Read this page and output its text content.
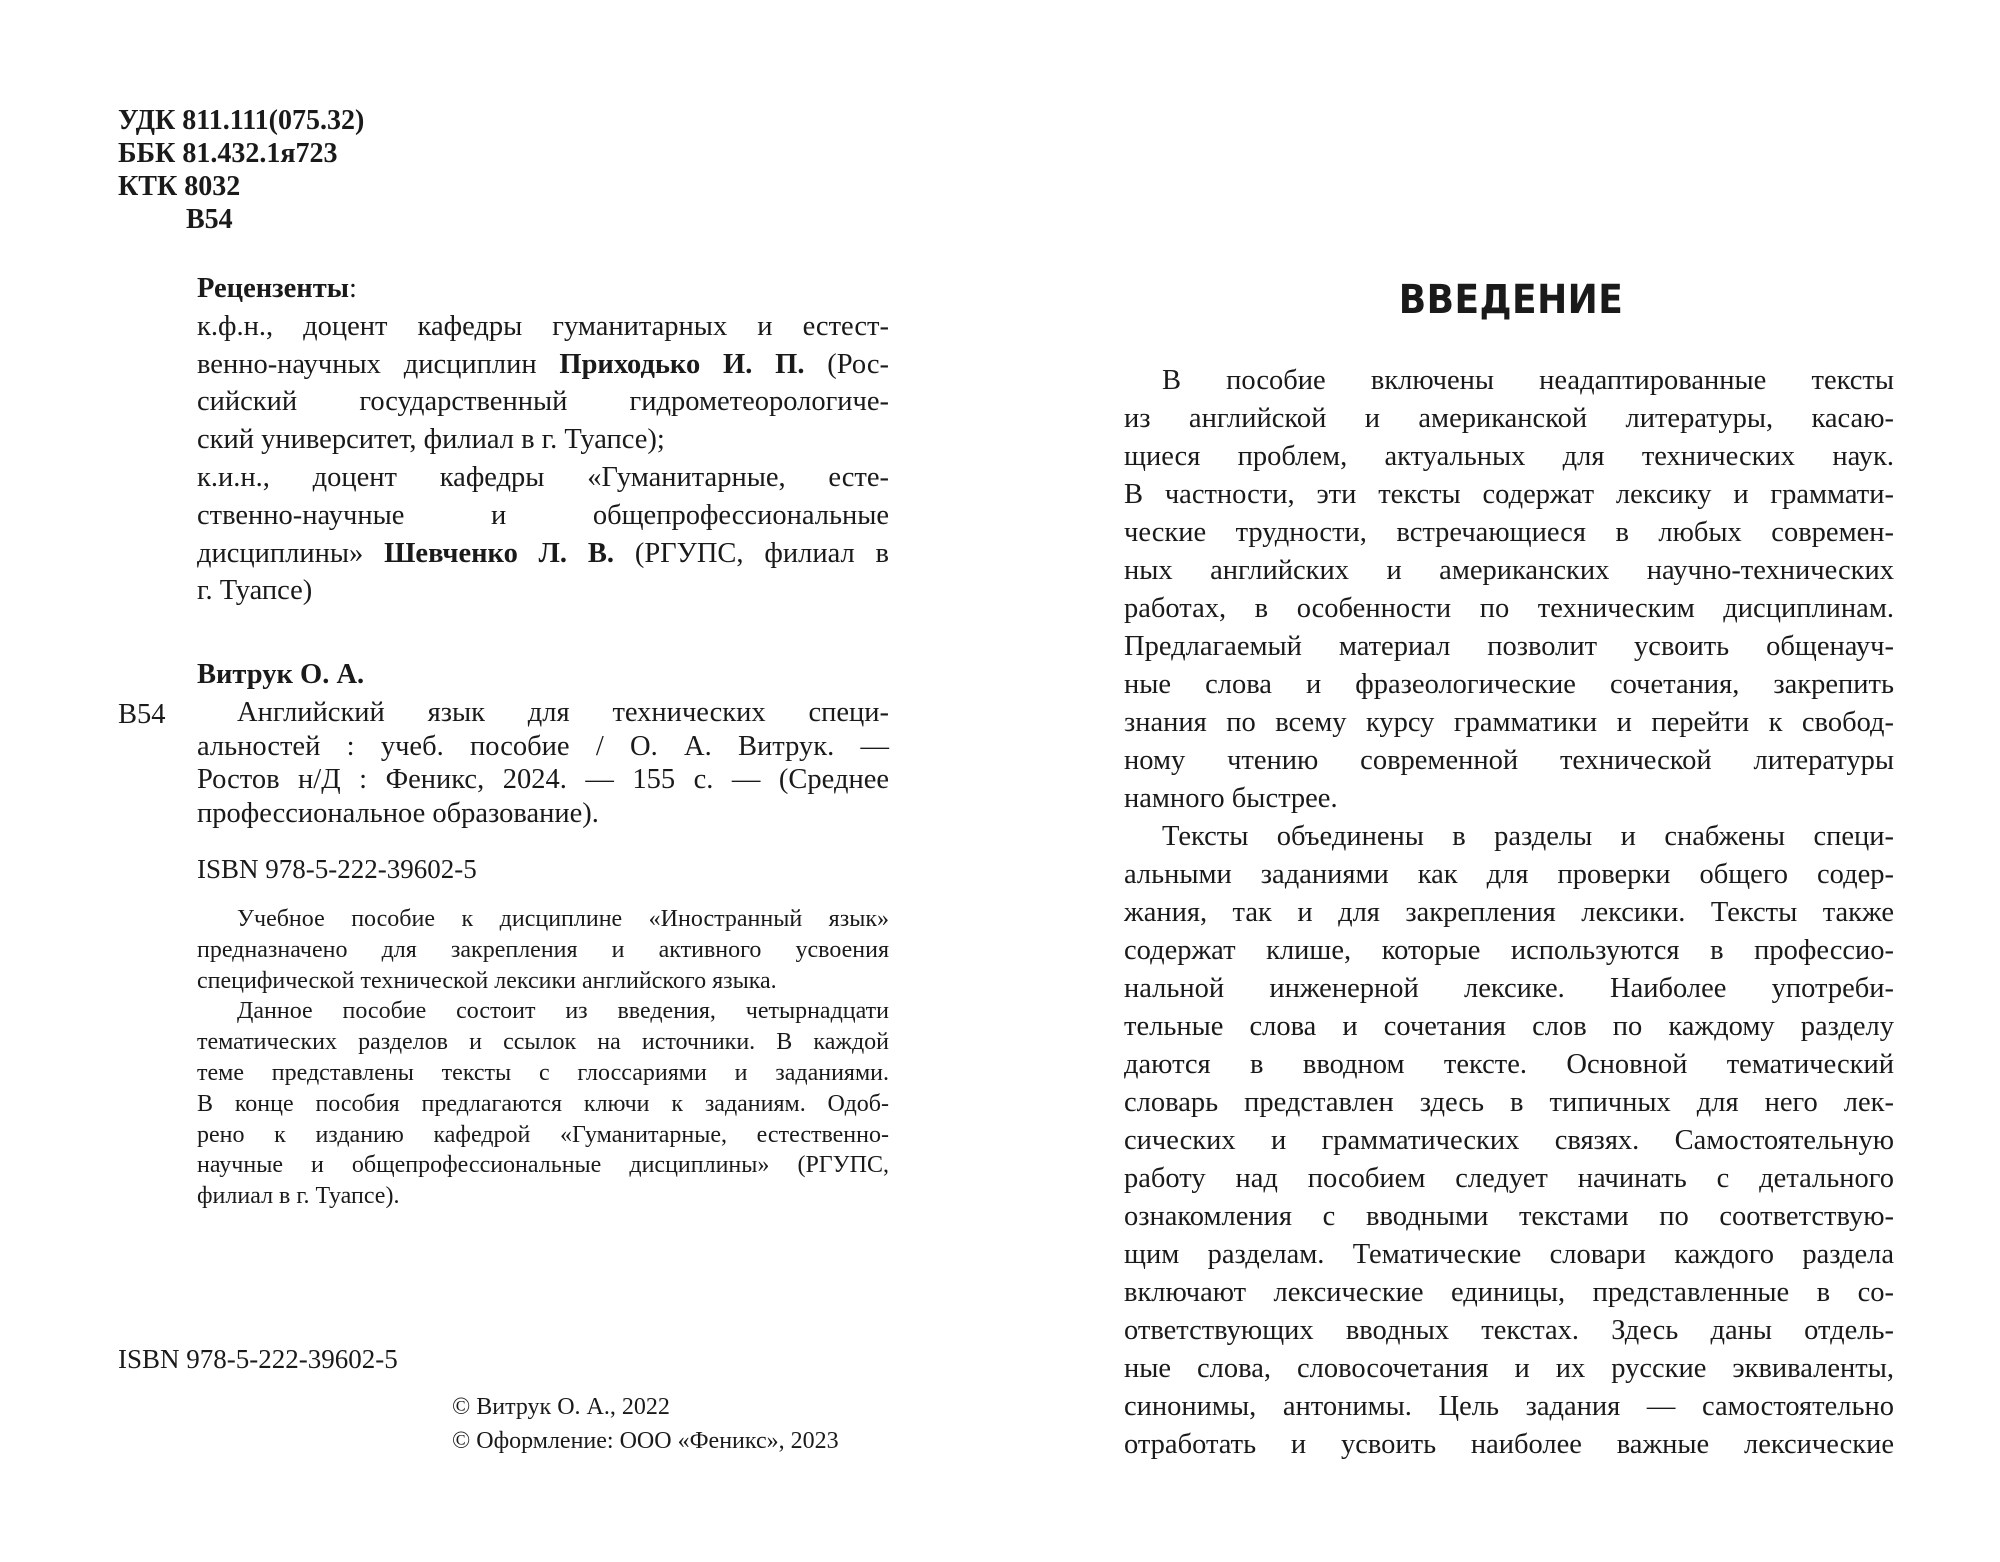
УДК 811.111(075.32)
ББК 81.432.1я723
КТК 8032
В54
Рецензенты:
к.ф.н., доцент кафедры гуманитарных и естест-
венно-научных дисциплин Приходько И. П. (Рос-
сийский государственный гидрометеорологиче-
ский университет, филиал в г. Туапсе);
к.и.н., доцент кафедры «Гуманитарные, есте-
ственно-научные и общепрофессиональные
дисциплины» Шевченко Л. В. (РГУПС, филиал в
г. Туапсе)
Витрук О. А.
В54	Английский язык для технических специ-
альностей : учеб. пособие / О. А. Витрук. —
Ростов н/Д : Феникс, 2024. — 155 с. — (Среднее
профессиональное образование).
ISBN 978-5-222-39602-5
Учебное пособие к дисциплине «Иностранный язык»
предназначено для закрепления и активного усвоения
специфической технической лексики английского языка.
Данное пособие состоит из введения, четырнадцати
тематических разделов и ссылок на источники. В каждой
теме представлены тексты с глоссариями и заданиями.
В конце пособия предлагаются ключи к заданиям. Одоб-
рено к изданию кафедрой «Гуманитарные, естественно-
научные и общепрофессиональные дисциплины» (РГУПС,
филиал в г. Туапсе).
ISBN 978-5-222-39602-5
© Витрук О. А., 2022
© Оформление: ООО «Феникс», 2023
ВВЕДЕНИЕ
В пособие включены неадаптированные тексты
из английской и американской литературы, касаю-
щиеся проблем, актуальных для технических наук.
В частности, эти тексты содержат лексику и граммати-
ческие трудности, встречающиеся в любых современ-
ных английских и американских научно-технических
работах, в особенности по техническим дисциплинам.
Предлагаемый материал позволит усвоить общенауч-
ные слова и фразеологические сочетания, закрепить
знания по всему курсу грамматики и перейти к свобод-
ному чтению современной технической литературы
намного быстрее.
Тексты объединены в разделы и снабжены специ-
альными заданиями как для проверки общего содер-
жания, так и для закрепления лексики. Тексты также
содержат клише, которые используются в профессио-
нальной инженерной лексике. Наиболее употреби-
тельные слова и сочетания слов по каждому разделу
даются в вводном тексте. Основной тематический
словарь представлен здесь в типичных для него лек-
сических и грамматических связях. Самостоятельную
работу над пособием следует начинать с детального
ознакомления с вводными текстами по соответствую-
щим разделам. Тематические словари каждого раздела
включают лексические единицы, представленные в со-
ответствующих вводных текстах. Здесь даны отдель-
ные слова, словосочетания и их русские эквиваленты,
синонимы, антонимы. Цель задания — самостоятельно
отработать и усвоить наиболее важные лексические
